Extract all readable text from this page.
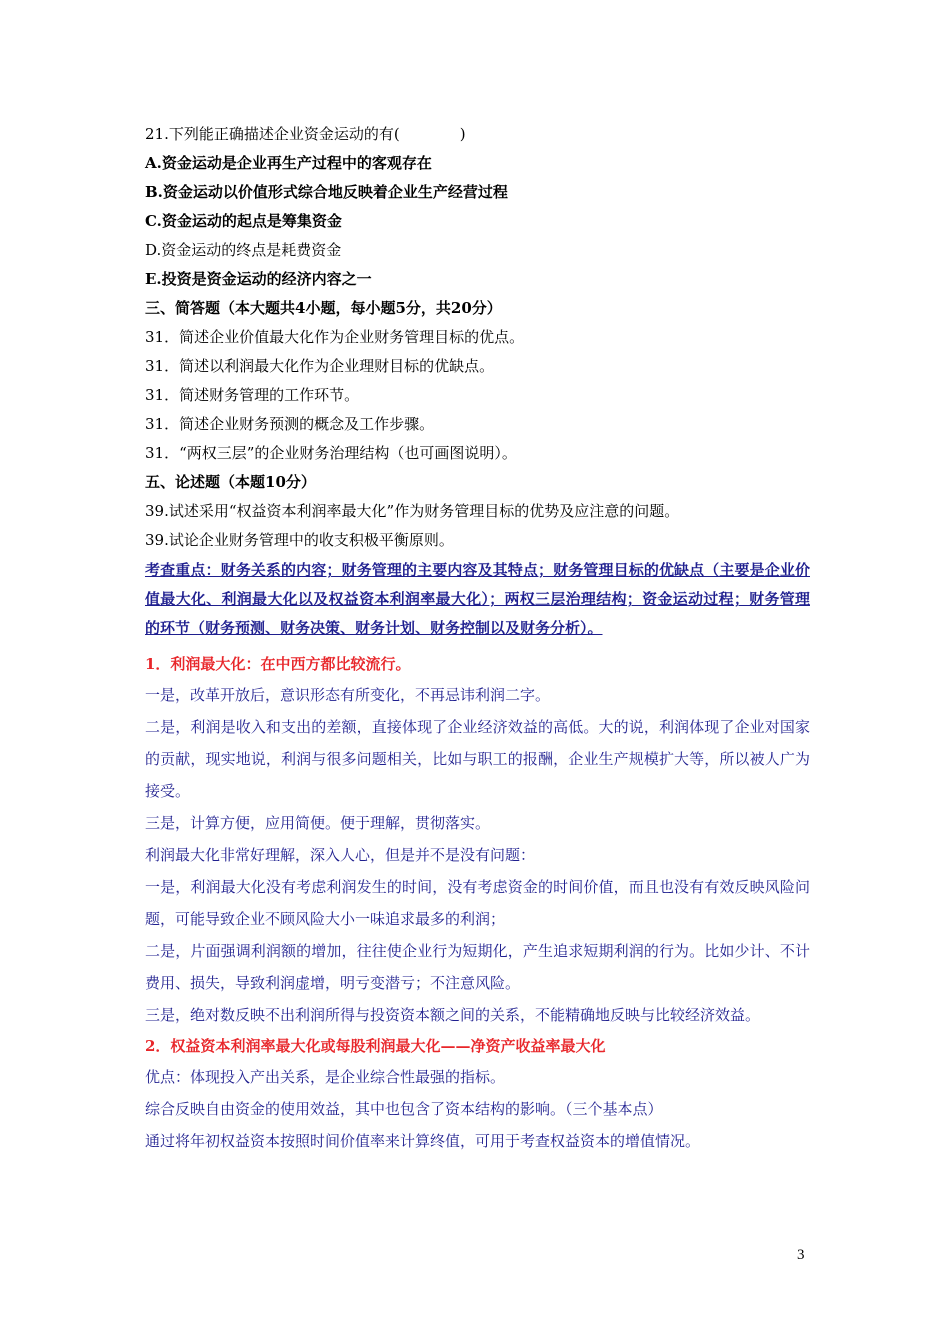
21.下列能正确描述企业资金运动的有(	)
A.资金运动是企业再生产过程中的客观存在
B.资金运动以价值形式综合地反映着企业生产经营过程
C.资金运动的起点是筹集资金
D.资金运动的终点是耗费资金
E.投资是资金运动的经济内容之一
三、简答题（本大题共4小题，每小题5分，共20分）
31．简述企业价值最大化作为企业财务管理目标的优点。
31．简述以利润最大化作为企业理财目标的优缺点。
31．简述财务管理的工作环节。
31．简述企业财务预测的概念及工作步骤。
31．“两权三层”的企业财务治理结构（也可画图说明）。
五、论述题（本题10分）
39.试述采用“权益资本利润率最大化”作为财务管理目标的优势及应注意的问题。
39.试论企业财务管理中的收支积极平衡原则。
考查重点：财务关系的内容；财务管理的主要内容及其特点；财务管理目标的优缺点（主要是企业价值最大化、利润最大化以及权益资本利润率最大化）；两权三层治理结构；资金运动过程；财务管理的环节（财务预测、财务决策、财务计划、财务控制以及财务分析）。
1．利润最大化：在中西方都比较流行。
一是，改革开放后，意识形态有所变化，不再忌讳利润二字。
二是，利润是收入和支出的差额，直接体现了企业经济效益的高低。大的说，利润体现了企业对国家的贡献，现实地说，利润与很多问题相关，比如与职工的报酬，企业生产规模扩大等，所以被人广为接受。
三是，计算方便，应用简便。便于理解，贯彻落实。
利润最大化非常好理解，深入人心，但是并不是没有问题：
一是，利润最大化没有考虑利润发生的时间，没有考虑资金的时间价值，而且也没有有效反映风险问题，可能导致企业不顾风险大小一味追求最多的利润；
二是，片面强调利润额的增加，往往使企业行为短期化，产生追求短期利润的行为。比如少计、不计费用、损失，导致利润虚增，明亏变潜亏；不注意风险。
三是，绝对数反映不出利润所得与投资资本额之间的关系，不能精确地反映与比较经济效益。
2．权益资本利润率最大化或每股利润最大化——净资产收益率最大化
优点：体现投入产出关系，是企业综合性最强的指标。
综合反映自由资金的使用效益，其中也包含了资本结构的影响。（三个基本点）
通过将年初权益资本按照时间价值率来计算终值，可用于考查权益资本的增值情况。
3
